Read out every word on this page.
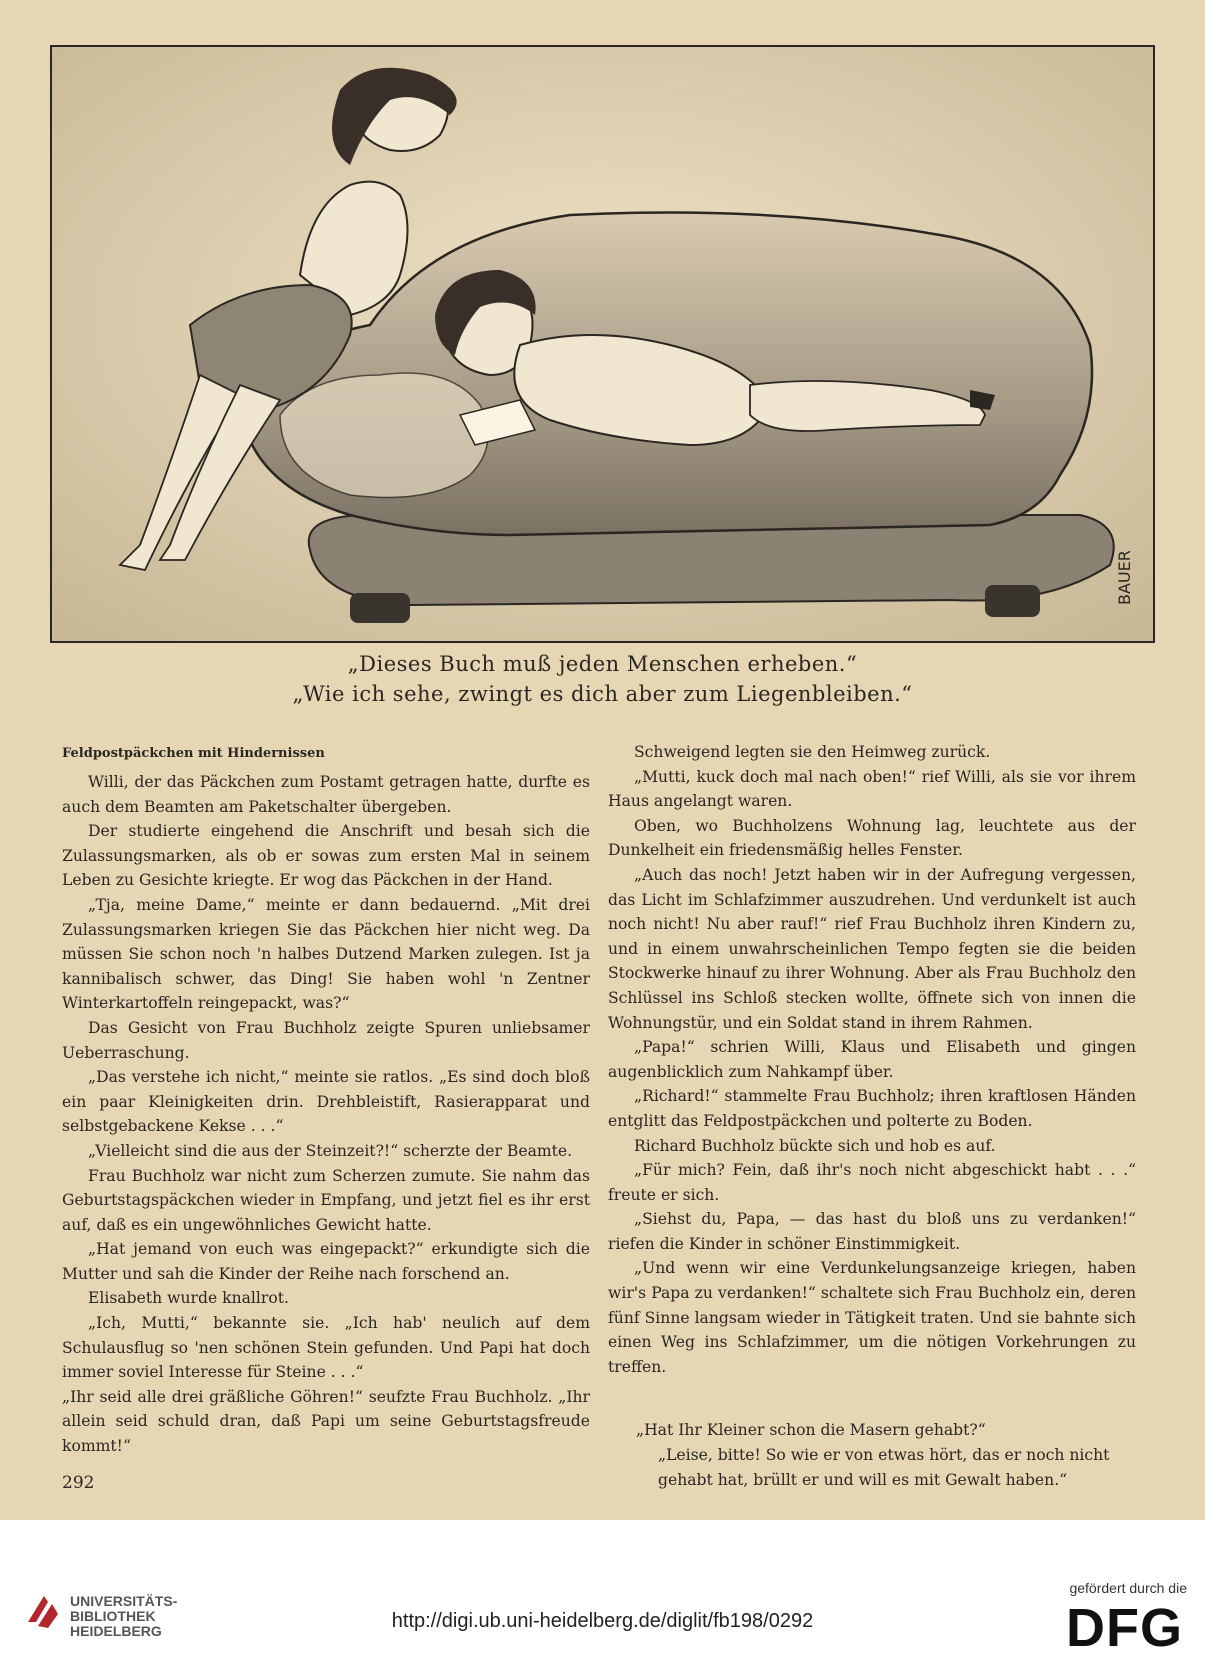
BAUER
„Dieses Buch muß jeden Menschen erheben.“
„Wie ich sehe, zwingt es dich aber zum Liegenbleiben.“
Feldpostpäckchen mit Hindernissen

Willi, der das Päckchen zum Postamt getragen hatte, durfte es auch dem Beamten am Paketschalter übergeben.

Der studierte eingehend die Anschrift und besah sich die Zulassungsmarken, als ob er sowas zum ersten Mal in seinem Leben zu Gesichte kriegte. Er wog das Päckchen in der Hand.

„Tja, meine Dame,“ meinte er dann bedauernd. „Mit drei Zulassungsmarken kriegen Sie das Päckchen hier nicht weg. Da müssen Sie schon noch 'n halbes Dutzend Marken zulegen. Ist ja kannibalisch schwer, das Ding! Sie haben wohl 'n Zentner Winterkartoffeln reingepackt, was?“

Das Gesicht von Frau Buchholz zeigte Spuren unliebsamer Ueberraschung.

„Das verstehe ich nicht,“ meinte sie ratlos. „Es sind doch bloß ein paar Kleinigkeiten drin. Drehbleistift, Rasierapparat und selbstgebackene Kekse . . .“

„Vielleicht sind die aus der Steinzeit?!“ scherzte der Beamte.

Frau Buchholz war nicht zum Scherzen zumute. Sie nahm das Geburtstagspäckchen wieder in Empfang, und jetzt fiel es ihr erst auf, daß es ein ungewöhnliches Gewicht hatte.

„Hat jemand von euch was eingepackt?“ erkundigte sich die Mutter und sah die Kinder der Reihe nach forschend an.

Elisabeth wurde knallrot.

„Ich, Mutti,“ bekannte sie. „Ich hab' neulich auf dem Schulausflug so 'nen schönen Stein gefunden. Und Papi hat doch immer soviel Interesse für Steine . . .“

„Ihr seid alle drei gräßliche Göhren!“ seufzte Frau Buchholz. „Ihr allein seid schuld dran, daß Papi um seine Geburtstagsfreude kommt!“

Schweigend legten sie den Heimweg zurück.

„Mutti, kuck doch mal nach oben!“ rief Willi, als sie vor ihrem Haus angelangt waren.

Oben, wo Buchholzens Wohnung lag, leuchtete aus der Dunkelheit ein friedensmäßig helles Fenster.

„Auch das noch! Jetzt haben wir in der Aufregung vergessen, das Licht im Schlafzimmer auszudrehen. Und verdunkelt ist auch noch nicht! Nu aber rauf!“ rief Frau Buchholz ihren Kindern zu, und in einem unwahrscheinlichen Tempo fegten sie die beiden Stockwerke hinauf zu ihrer Wohnung. Aber als Frau Buchholz den Schlüssel ins Schloß stecken wollte, öffnete sich von innen die Wohnungstür, und ein Soldat stand in ihrem Rahmen.

„Papa!“ schrien Willi, Klaus und Elisabeth und gingen augenblicklich zum Nahkampf über.

„Richard!“ stammelte Frau Buchholz; ihren kraftlosen Händen entglitt das Feldpostpäckchen und polterte zu Boden.

Richard Buchholz bückte sich und hob es auf.

„Für mich? Fein, daß ihr's noch nicht abgeschickt habt . . .“ freute er sich.

„Siehst du, Papa, — das hast du bloß uns zu verdanken!“ riefen die Kinder in schöner Einstimmigkeit.

„Und wenn wir eine Verdunkelungsanzeige kriegen, haben wir's Papa zu verdanken!“ schaltete sich Frau Buchholz ein, deren fünf Sinne langsam wieder in Tätigkeit traten. Und sie bahnte sich einen Weg ins Schlafzimmer, um die nötigen Vorkehrungen zu treffen.

„Hat Ihr Kleiner schon die Masern gehabt?“

„Leise, bitte! So wie er von etwas hört, das er noch nicht gehabt hat, brüllt er und will es mit Gewalt haben.“

292
UNIVERSITÄTS-
BIBLIOTHEK
HEIDELBERG	http://digi.ub.uni-heidelberg.de/diglit/fb198/0292
gefördert durch die
DFG
